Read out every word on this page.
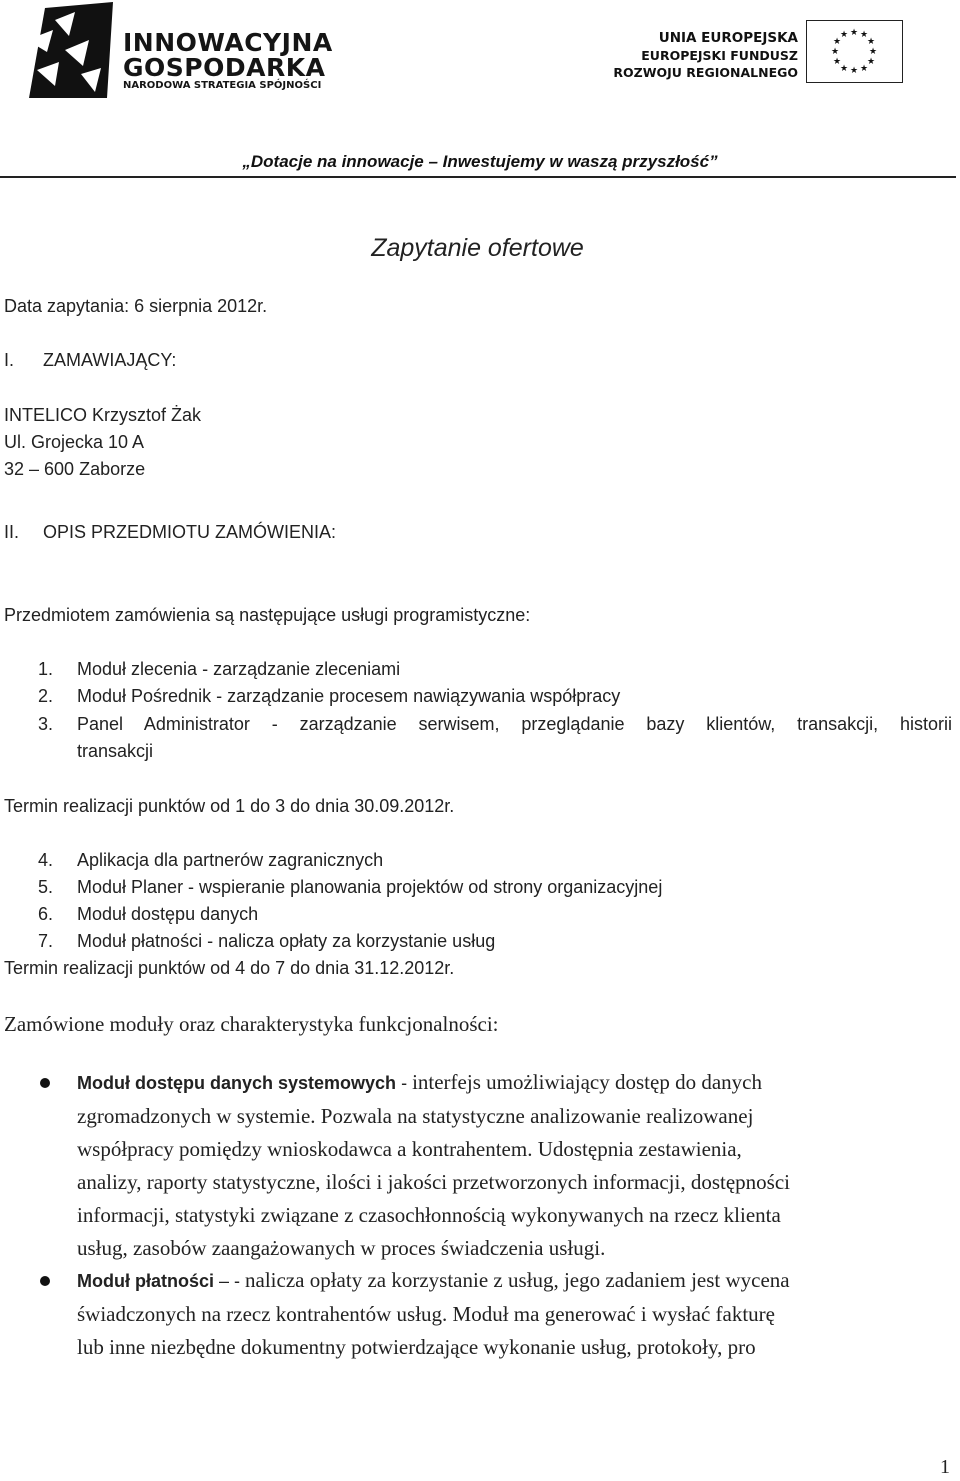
INNOWACYJNA
GOSPODARKA
NARODOWA STRATEGIA SPÓJNOŚCI
UNIA EUROPEJSKA
EUROPEJSKI FUNDUSZ
ROZWOJU REGIONALNEGO
★ ★
★
★
★
★
★
★
★
★
★
★
„Dotacje na innowacje – Inwestujemy w waszą przyszłość”
Zapytanie ofertowe
Data zapytania: 6 sierpnia 2012r.
I. ZAMAWIAJĄCY:
INTELICO Krzysztof Żak
Ul. Grojecka 10 A
32 – 600 Zaborze
II. OPIS PRZEDMIOTU ZAMÓWIENIA:
Przedmiotem zamówienia są następujące usługi programistyczne:
1. Moduł zlecenia - zarządzanie zleceniami
2. Moduł Pośrednik - zarządzanie procesem nawiązywania współpracy
3. Panel Administrator - zarządzanie serwisem, przeglądanie bazy klientów, transakcji, historii
transakcji
Termin realizacji punktów od 1 do 3 do dnia 30.09.2012r.
4. Aplikacja dla partnerów zagranicznych
5. Moduł Planer - wspieranie planowania projektów od strony organizacyjnej
6. Moduł dostępu danych
7. Moduł płatności - nalicza opłaty za korzystanie usług
Termin realizacji punktów od 4 do 7 do dnia 31.12.2012r.
Zamówione moduły oraz charakterystyka funkcjonalności:
Moduł dostępu danych systemowych - interfejs umożliwiający dostęp do danych
zgromadzonych w systemie. Pozwala na statystyczne analizowanie realizowanej
współpracy pomiędzy wnioskodawca a kontrahentem. Udostępnia zestawienia,
analizy, raporty statystyczne, ilości i jakości przetworzonych informacji, dostępności
informacji, statystyki związane z czasochłonnością wykonywanych na rzecz klienta
usług, zasobów zaangażowanych w proces świadczenia usługi.
Moduł płatności – - nalicza opłaty za korzystanie z usług, jego zadaniem jest wycena
świadczonych na rzecz kontrahentów usług. Moduł ma generować i wysłać fakturę
lub inne niezbędne dokumentny potwierdzające wykonanie usług, protokoły, pro
1
